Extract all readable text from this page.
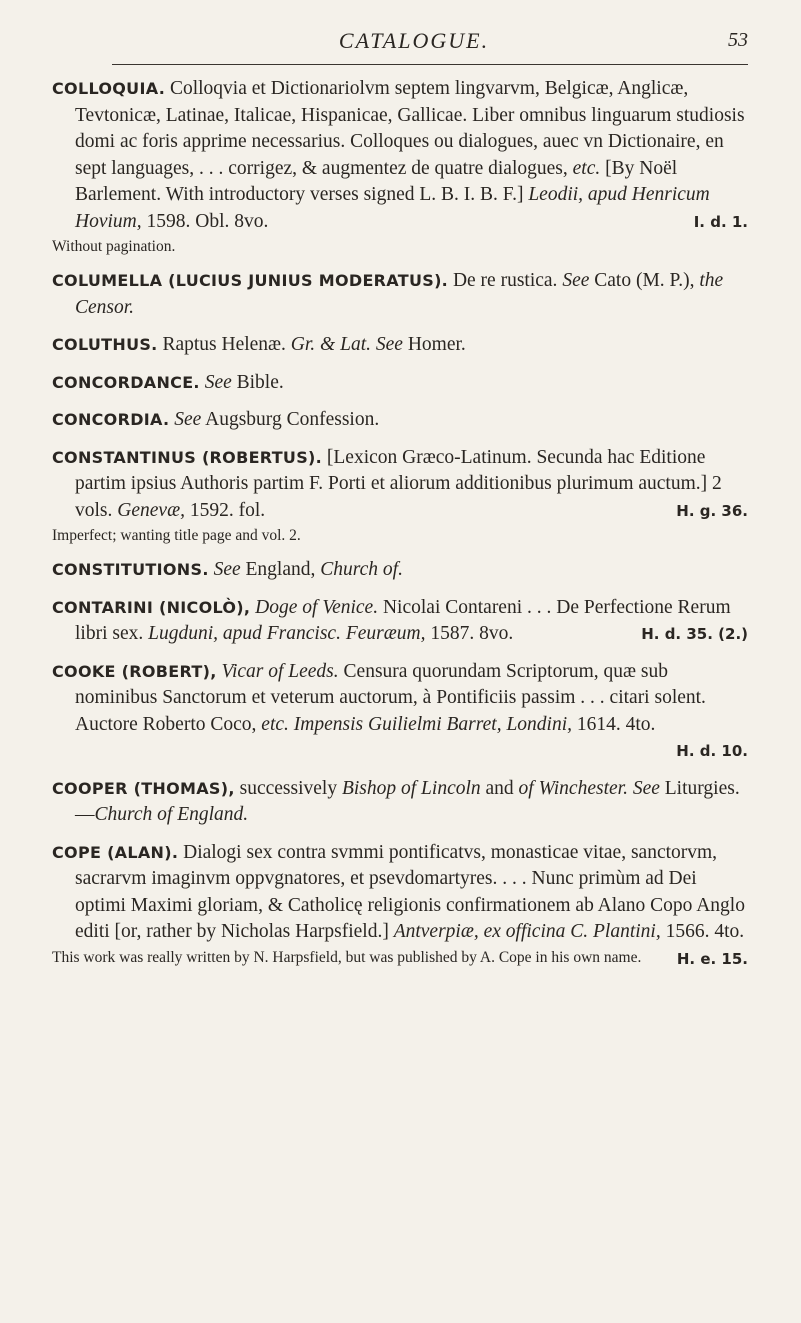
CATALOGUE.	53
COLLOQUIA. Colloqvia et Dictionariolvm septem lingvarvm, Belgicæ, Anglicæ, Tevtonicæ, Latinae, Italicae, Hispanicae, Gallicae. Liber omnibus linguarum studiosis domi ac foris apprime necessarius. Colloques ou dialogues, auec vn Dictionaire, en sept languages, . . . corrigez, & augmentez de quatre dialogues, etc. [By Noël Barlement. With introductory verses signed L. B. I. B. F.] Leodii, apud Henricum Hovium, 1598. Obl. 8vo.	I. d. 1.
Without pagination.
COLUMELLA (LUCIUS JUNIUS MODERATUS). De re rustica. See Cato (M. P.), the Censor.
COLUTHUS. Raptus Helenæ. Gr. & Lat. See Homer.
CONCORDANCE. See Bible.
CONCORDIA. See Augsburg Confession.
CONSTANTINUS (ROBERTUS). [Lexicon Græco-Latinum. Secunda hac Editione partim ipsius Authoris partim F. Porti et aliorum additionibus plurimum auctum.] 2 vols. Genevæ, 1592. fol.	H. g. 36.
Imperfect; wanting title page and vol. 2.
CONSTITUTIONS. See England, Church of.
CONTARINI (NICOLÒ), Doge of Venice. Nicolai Contareni . . . De Perfectione Rerum libri sex. Lugduni, apud Francisc. Feuræum, 1587. 8vo.	H. d. 35. (2.)
COOKE (ROBERT), Vicar of Leeds. Censura quorundam Scriptorum, quæ sub nominibus Sanctorum et veterum auctorum, à Pontificiis passim . . . citari solent. Auctore Roberto Coco, etc. Impensis Guilielmi Barret, Londini, 1614. 4to.
H. d. 10.
COOPER (THOMAS), successively Bishop of Lincoln and of Winchester. See Liturgies.—Church of England.
COPE (ALAN). Dialogi sex contra svmmi pontificatvs, monasticae vitae, sanctorvm, sacrarvm imaginvm oppvgnatores, et psevdomartyres. . . . Nunc primùm ad Dei optimi Maximi gloriam, & Catholicę religionis confirmationem ab Alano Copo Anglo editi [or, rather by Nicholas Harpsfield.] Antverpiæ, ex officina C. Plantini, 1566. 4to.
H. e. 15.
This work was really written by N. Harpsfield, but was published by A. Cope in his own name.
